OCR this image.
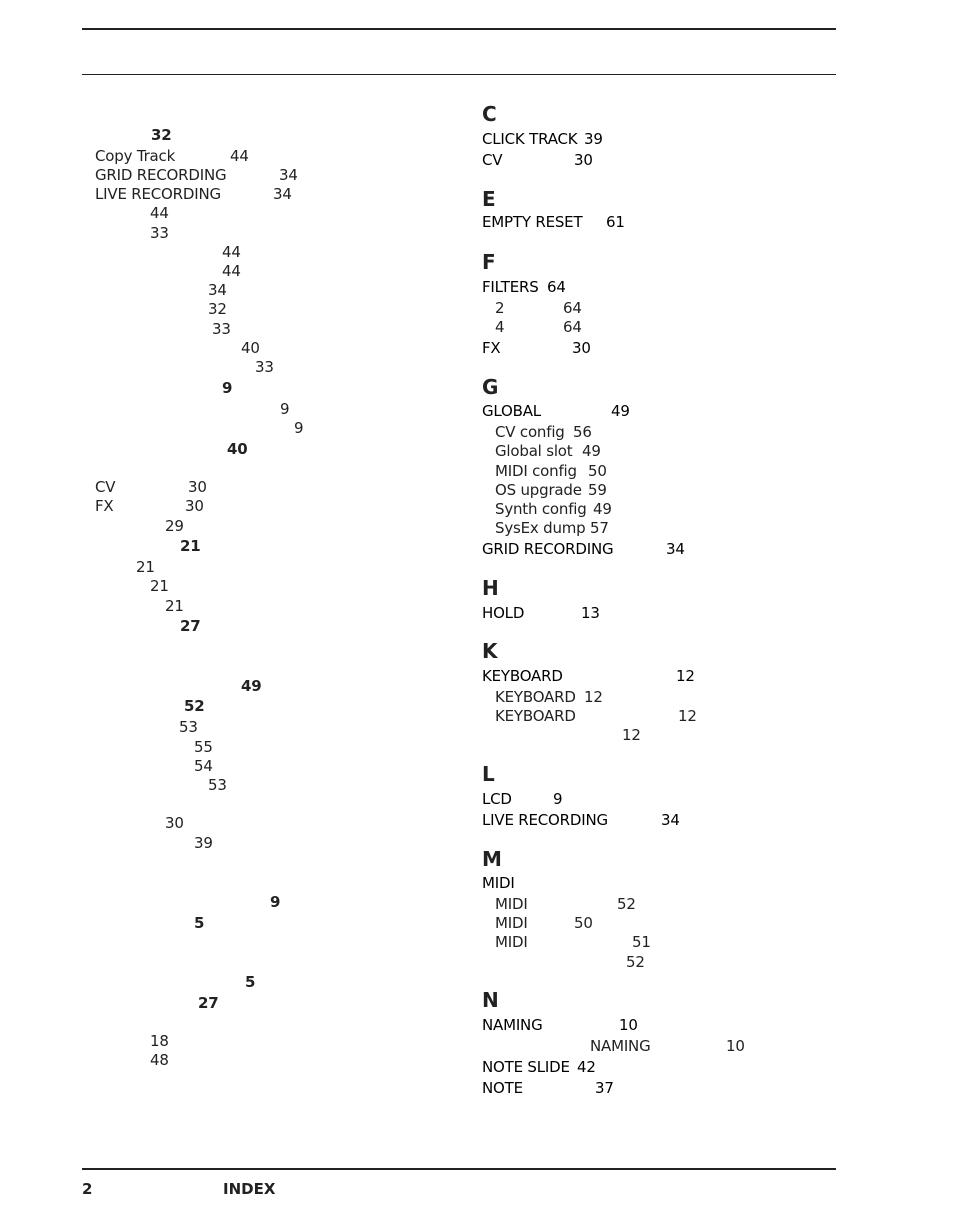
32
Copy Track	44
GRID RECORDING	34
LIVE RECORDING	34
44
33
44
44
34
32
33
40
33
9
9
9
40
CV	30
FX	30
29
21
21
21
21
27
49
52
53
55
54
53
30
39
9
5
5
27
18
48
C
CLICK TRACK 39
CV	30
E
EMPTY RESET 61
F
FILTERS 64
2	64
4	64
FX	30
G
GLOBAL	49
CV config 56
Global slot 49
MIDI config 50
OS upgrade 59
Synth config 49
SysEx dump 57
GRID RECORDING	34
H
HOLD	13
K
KEYBOARD	12
KEYBOARD 12
KEYBOARD	12
12
L
LCD	9
LIVE RECORDING	34
M
MIDI
MIDI	52
MIDI	50
MIDI	51
52
N
NAMING	10
NAMING	10
NOTE SLIDE 42
NOTE	37
2	INDEX
